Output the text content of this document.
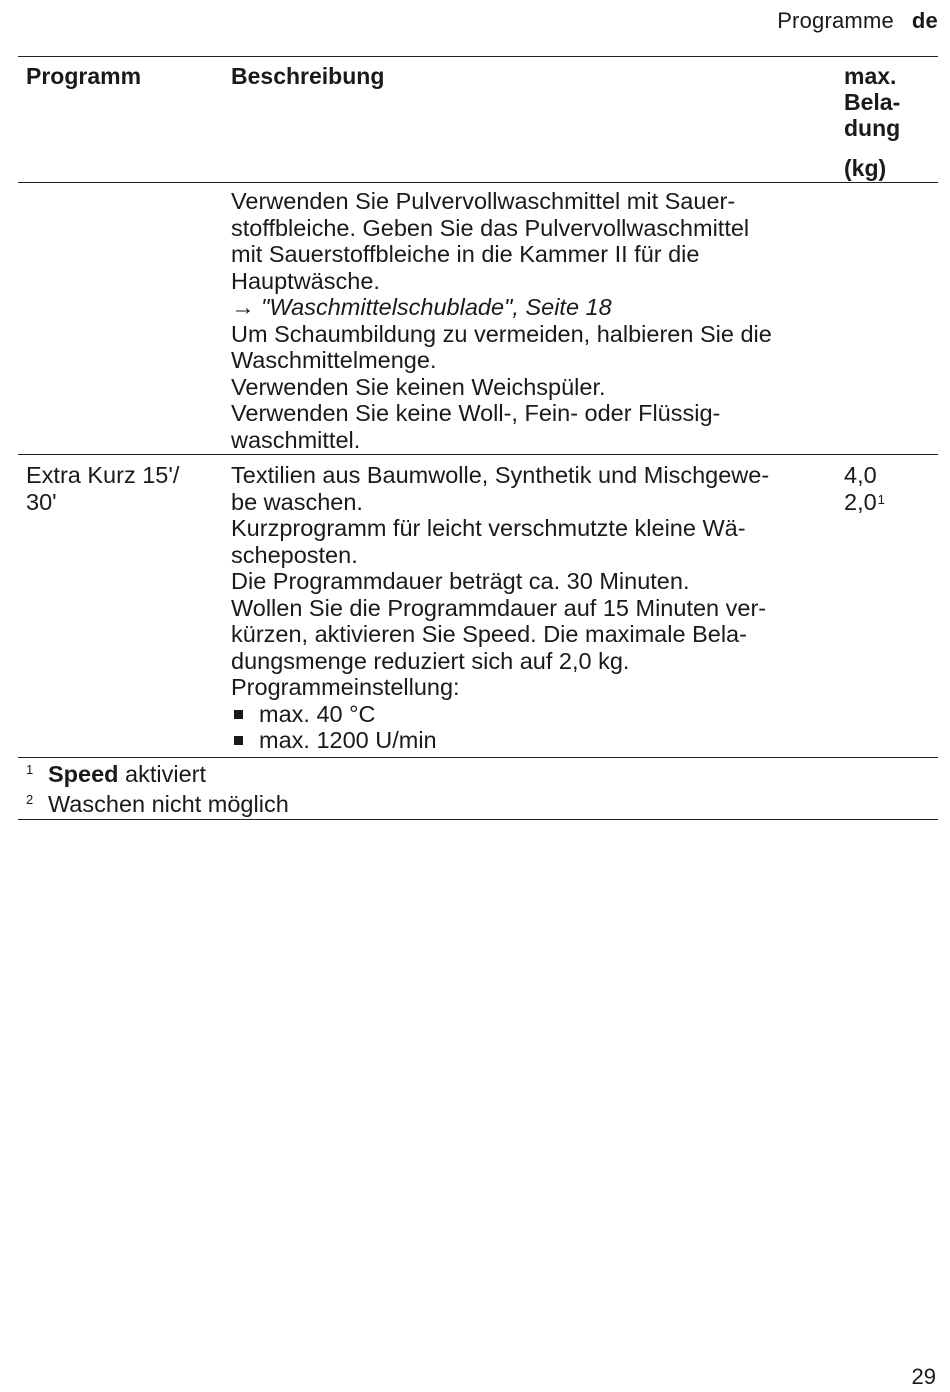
Programme de
Programm	Beschreibung	max.
Bela-
dung
(kg)

Verwenden Sie Pulvervollwaschmittel mit Sauer-

stoffbleiche. Geben Sie das Pulvervollwaschmittel

mit Sauerstoffbleiche in die Kammer II für die

Hauptwäsche.

→ "Waschmittelschublade", Seite 18

Um Schaumbildung zu vermeiden, halbieren Sie die

Waschmittelmenge.

Verwenden Sie keinen Weichspüler.

Verwenden Sie keine Woll-, Fein- oder Flüssig-

waschmittel.

Extra Kurz 15'/
30'

Textilien aus Baumwolle, Synthetik und Mischgewe-

be waschen.

Kurzprogramm für leicht verschmutzte kleine Wä-

scheposten.

Die Programmdauer beträgt ca. 30 Minuten.

Wollen Sie die Programmdauer auf 15 Minuten ver-

kürzen, aktivieren Sie Speed. Die maximale Bela-

dungsmenge reduziert sich auf 2,0 kg.

Programmeinstellung:

max. 40 °C
max. 1200 U/min

4,0

$2,0^1$

1 Speed aktiviert
2 Waschen nicht möglich
29
